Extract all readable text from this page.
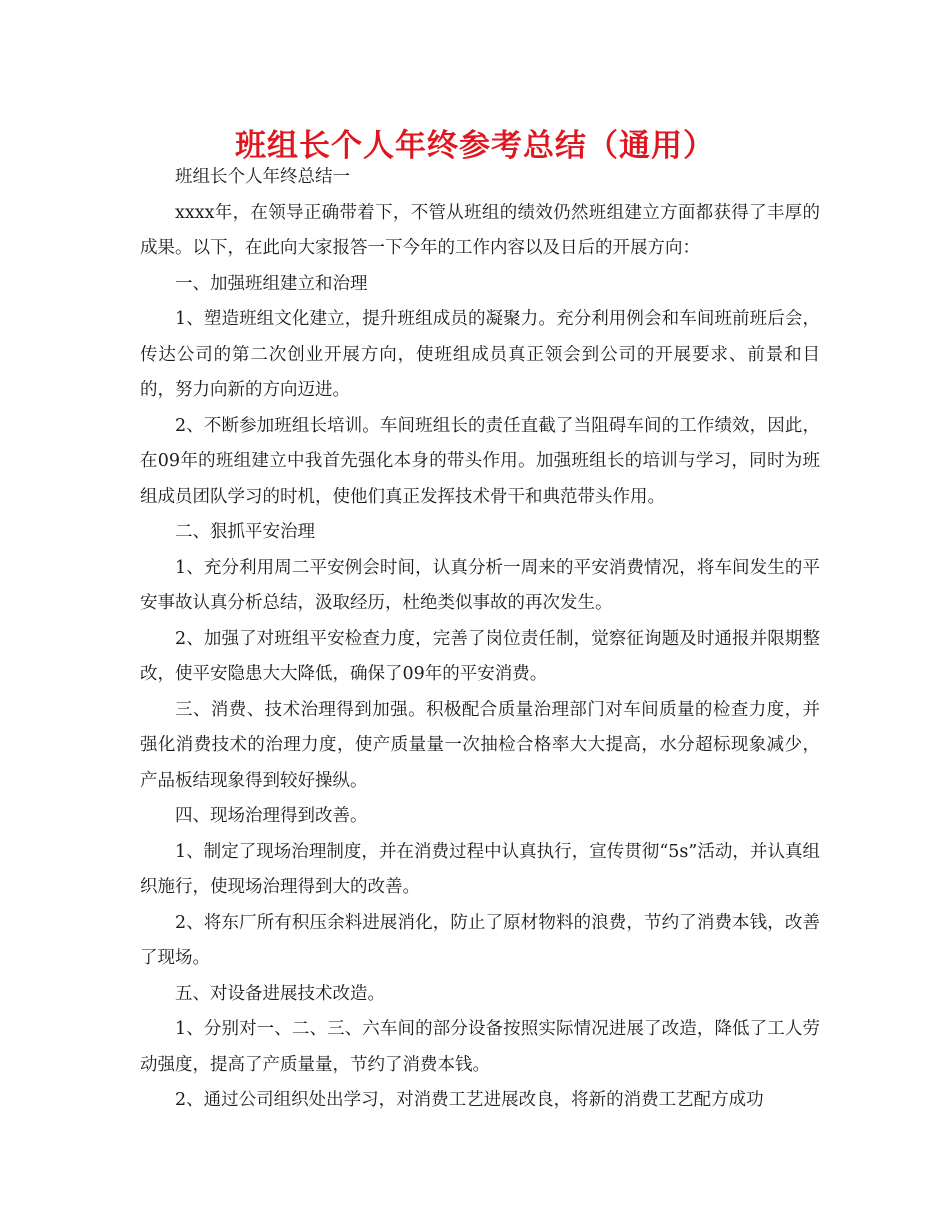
班组长个人年终参考总结（通用）

班组长个人年终总结一

xxxx年，在领导正确带着下，不管从班组的绩效仍然班组建立方面都获得了丰厚的成果。以下，在此向大家报答一下今年的工作内容以及日后的开展方向：

一、加强班组建立和治理

1、塑造班组文化建立，提升班组成员的凝聚力。充分利用例会和车间班前班后会，传达公司的第二次创业开展方向，使班组成员真正领会到公司的开展要求、前景和目的，努力向新的方向迈进。

2、不断参加班组长培训。车间班组长的责任直截了当阻碍车间的工作绩效，因此，在09年的班组建立中我首先强化本身的带头作用。加强班组长的培训与学习，同时为班组成员团队学习的时机，使他们真正发挥技术骨干和典范带头作用。

二、狠抓平安治理

1、充分利用周二平安例会时间，认真分析一周来的平安消费情况，将车间发生的平安事故认真分析总结，汲取经历，杜绝类似事故的再次发生。

2、加强了对班组平安检查力度，完善了岗位责任制，觉察征询题及时通报并限期整改，使平安隐患大大降低，确保了09年的平安消费。

三、消费、技术治理得到加强。积极配合质量治理部门对车间质量的检查力度，并强化消费技术的治理力度，使产质量量一次抽检合格率大大提高，水分超标现象减少，产品板结现象得到较好操纵。

四、现场治理得到改善。

1、制定了现场治理制度，并在消费过程中认真执行，宣传贯彻“5s”活动，并认真组织施行，使现场治理得到大的改善。

2、将东厂所有积压余料进展消化，防止了原材物料的浪费，节约了消费本钱，改善了现场。

五、对设备进展技术改造。

1、分别对一、二、三、六车间的部分设备按照实际情况进展了改造，降低了工人劳动强度，提高了产质量量，节约了消费本钱。

2、通过公司组织处出学习，对消费工艺进展改良，将新的消费工艺配方成功
